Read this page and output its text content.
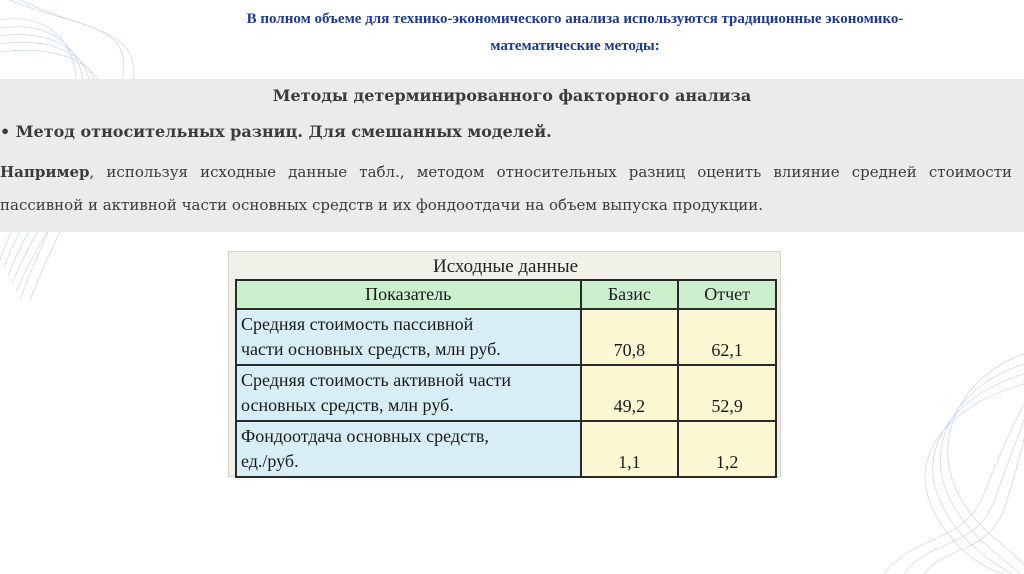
В полном объеме для технико-экономического анализа используются традиционные экономико-
математические методы:
Методы детерминированного факторного анализа
• Метод относительных разниц. Для смешанных моделей.
Например, используя исходные данные табл., методом относительных разниц оценить влияние средней стоимости пассивной и активной части основных средств и их фондоотдачи на объем выпуска продукции.
Исходные данные
Показатель	Базис	Отчет

Средняя стоимость пассивной
части основных средств, млн руб.	70,8	62,1

Средняя стоимость активной части
основных средств, млн руб.	49,2	52,9

Фондоотдача основных средств,
ед./руб.	1,1	1,2
